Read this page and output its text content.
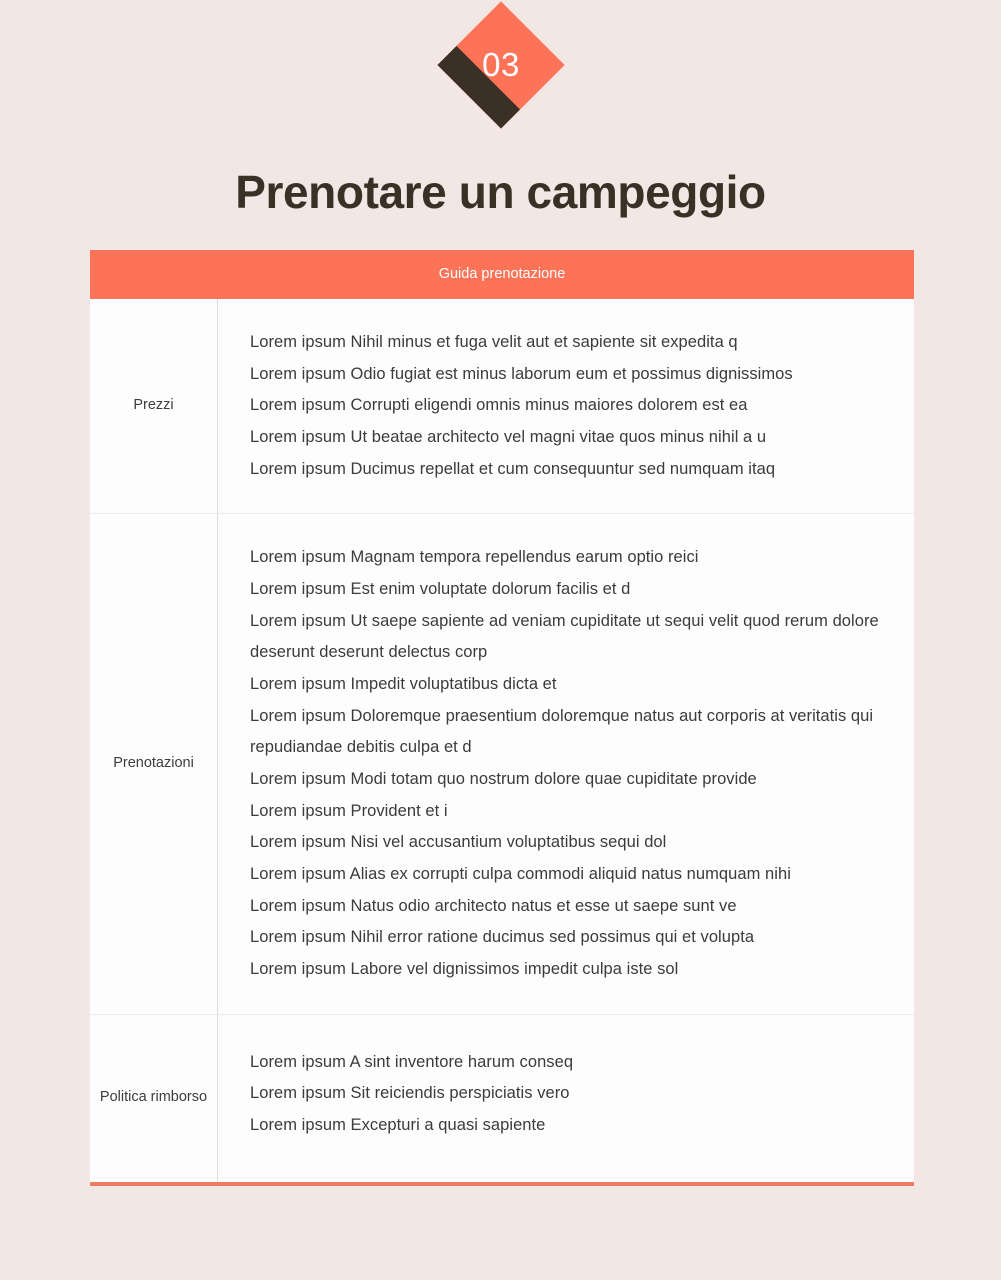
03
Prenotare un campeggio
Guida prenotazione
Prezzi
Lorem ipsum Nihil minus et fuga velit aut et sapiente sit expedita q
Lorem ipsum Odio fugiat est minus laborum eum et possimus dignissimos
Lorem ipsum Corrupti eligendi omnis minus maiores dolorem est ea
Lorem ipsum Ut beatae architecto vel magni vitae quos minus nihil a u
Lorem ipsum Ducimus repellat et cum consequuntur sed numquam itaq
Prenotazioni
Lorem ipsum Magnam tempora repellendus earum optio reici
Lorem ipsum Est enim voluptate dolorum facilis et d
Lorem ipsum Ut saepe sapiente ad veniam cupiditate ut sequi velit quod rerum dolore deserunt deserunt delectus corp
Lorem ipsum Impedit voluptatibus dicta et
Lorem ipsum Doloremque praesentium doloremque natus aut corporis at veritatis qui repudiandae debitis culpa et d
Lorem ipsum Modi totam quo nostrum dolore quae cupiditate provide
Lorem ipsum Provident et i
Lorem ipsum Nisi vel accusantium voluptatibus sequi dol
Lorem ipsum Alias ex corrupti culpa commodi aliquid natus numquam nihi
Lorem ipsum Natus odio architecto natus et esse ut saepe sunt ve
Lorem ipsum Nihil error ratione ducimus sed possimus qui et volupta
Lorem ipsum Labore vel dignissimos impedit culpa iste sol
Politica rimborso
Lorem ipsum A sint inventore harum conseq
Lorem ipsum Sit reiciendis perspiciatis vero
Lorem ipsum Excepturi a quasi sapiente
